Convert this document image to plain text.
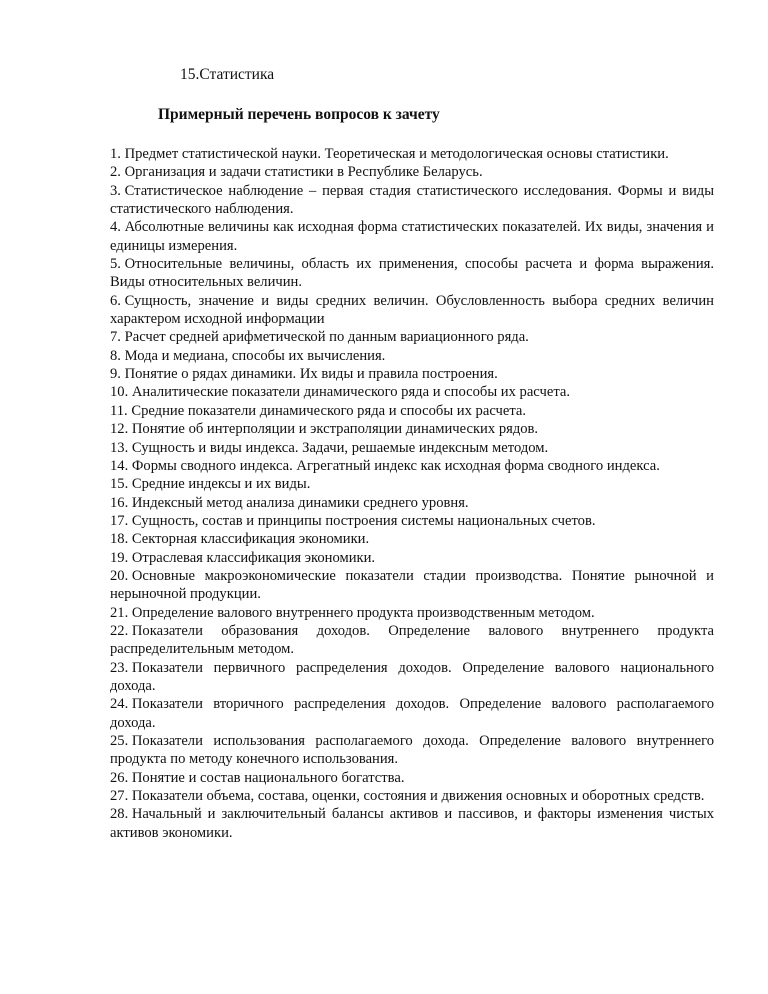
15.Статистика
Примерный перечень вопросов к зачету
1. Предмет статистической науки. Теоретическая и методологическая основы статистики.
2. Организация и задачи статистики в Республике Беларусь.
3. Статистическое наблюдение – первая стадия статистического исследования. Формы и виды статистического наблюдения.
4. Абсолютные величины как исходная форма статистических показателей. Их виды, значения и единицы измерения.
5. Относительные величины, область их применения, способы расчета и форма выражения. Виды относительных величин.
6. Сущность, значение и виды средних величин. Обусловленность выбора средних величин характером исходной информации
7. Расчет средней арифметической по данным вариационного ряда.
8. Мода и медиана, способы их вычисления.
9. Понятие о рядах динамики. Их виды и правила построения.
10. Аналитические показатели динамического ряда и способы их расчета.
11. Средние показатели динамического ряда и способы их расчета.
12. Понятие об интерполяции и экстраполяции динамических рядов.
13. Сущность и виды индекса. Задачи, решаемые индексным методом.
14. Формы сводного индекса. Агрегатный индекс как исходная форма сводного индекса.
15. Средние индексы и их виды.
16. Индексный метод анализа динамики среднего уровня.
17. Сущность, состав и принципы построения системы национальных счетов.
18. Секторная классификация экономики.
19. Отраслевая классификация экономики.
20. Основные макроэкономические показатели стадии производства. Понятие рыночной и нерыночной продукции.
21. Определение валового внутреннего продукта производственным методом.
22. Показатели образования доходов. Определение валового внутреннего продукта распределительным методом.
23. Показатели первичного распределения доходов. Определение валового национального дохода.
24. Показатели вторичного распределения доходов. Определение валового располагаемого дохода.
25. Показатели использования располагаемого дохода. Определение валового внутреннего продукта по методу конечного использования.
26. Понятие и состав национального богатства.
27. Показатели объема, состава, оценки, состояния и движения основных и оборотных средств.
28. Начальный и заключительный балансы активов и пассивов, и факторы изменения чистых активов экономики.
